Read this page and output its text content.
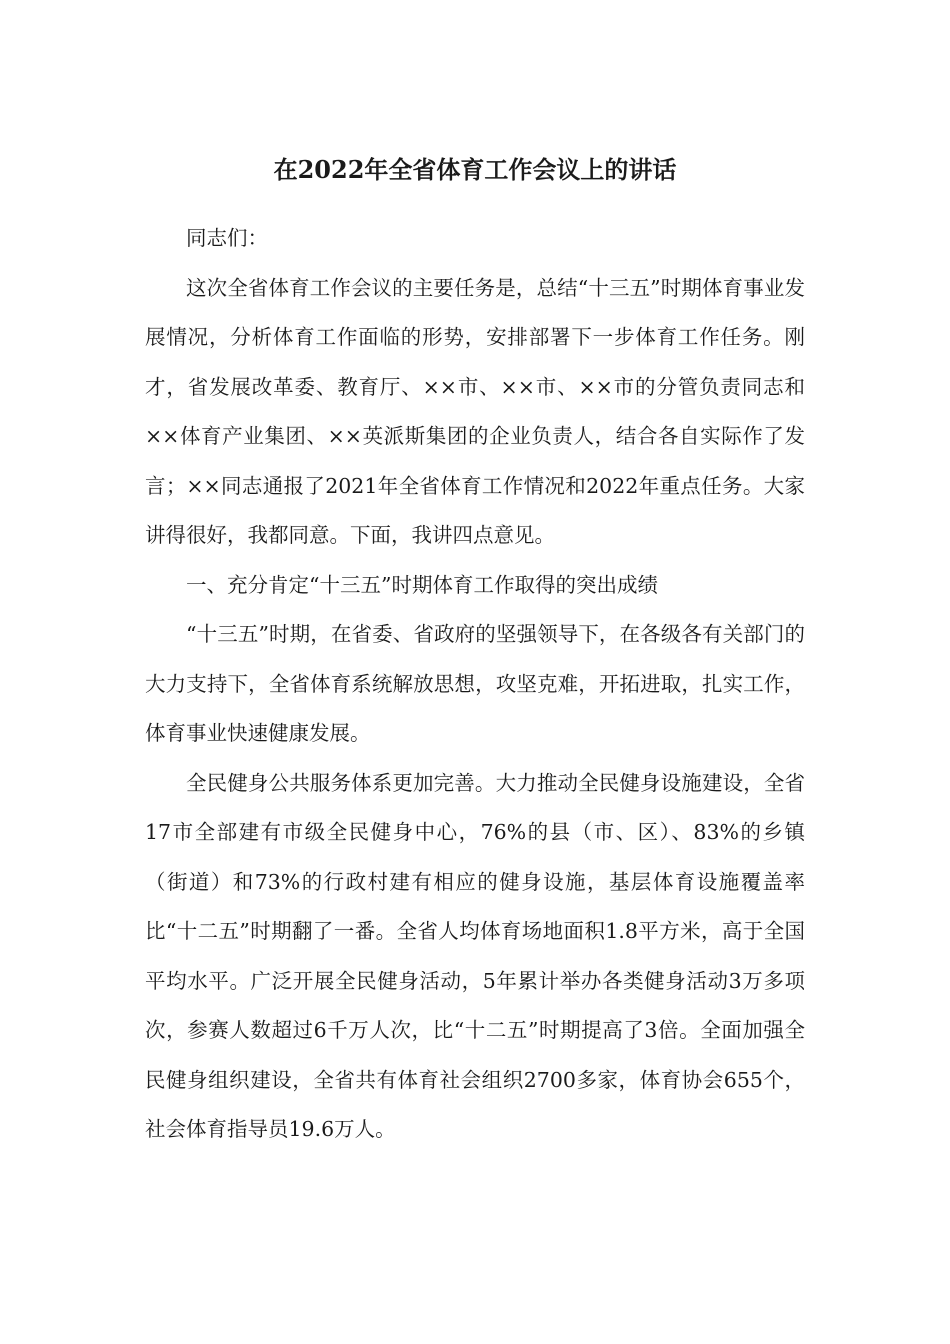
在2022年全省体育工作会议上的讲话

同志们：

这次全省体育工作会议的主要任务是，总结“十三五”时期体育事业发展情况，分析体育工作面临的形势，安排部署下一步体育工作任务。刚才，省发展改革委、教育厅、××市、××市、××市的分管负责同志和××体育产业集团、××英派斯集团的企业负责人，结合各自实际作了发言；××同志通报了2021年全省体育工作情况和2022年重点任务。大家讲得很好，我都同意。下面，我讲四点意见。

一、充分肯定“十三五”时期体育工作取得的突出成绩

“十三五”时期，在省委、省政府的坚强领导下，在各级各有关部门的大力支持下，全省体育系统解放思想，攻坚克难，开拓进取，扎实工作，体育事业快速健康发展。

全民健身公共服务体系更加完善。大力推动全民健身设施建设，全省17市全部建有市级全民健身中心，76%的县（市、区）、83%的乡镇（街道）和73%的行政村建有相应的健身设施，基层体育设施覆盖率比“十二五”时期翻了一番。全省人均体育场地面积1.8平方米，高于全国平均水平。广泛开展全民健身活动，5年累计举办各类健身活动3万多项次，参赛人数超过6千万人次，比“十二五”时期提高了3倍。全面加强全民健身组织建设，全省共有体育社会组织2700多家，体育协会655个，社会体育指导员19.6万人。
